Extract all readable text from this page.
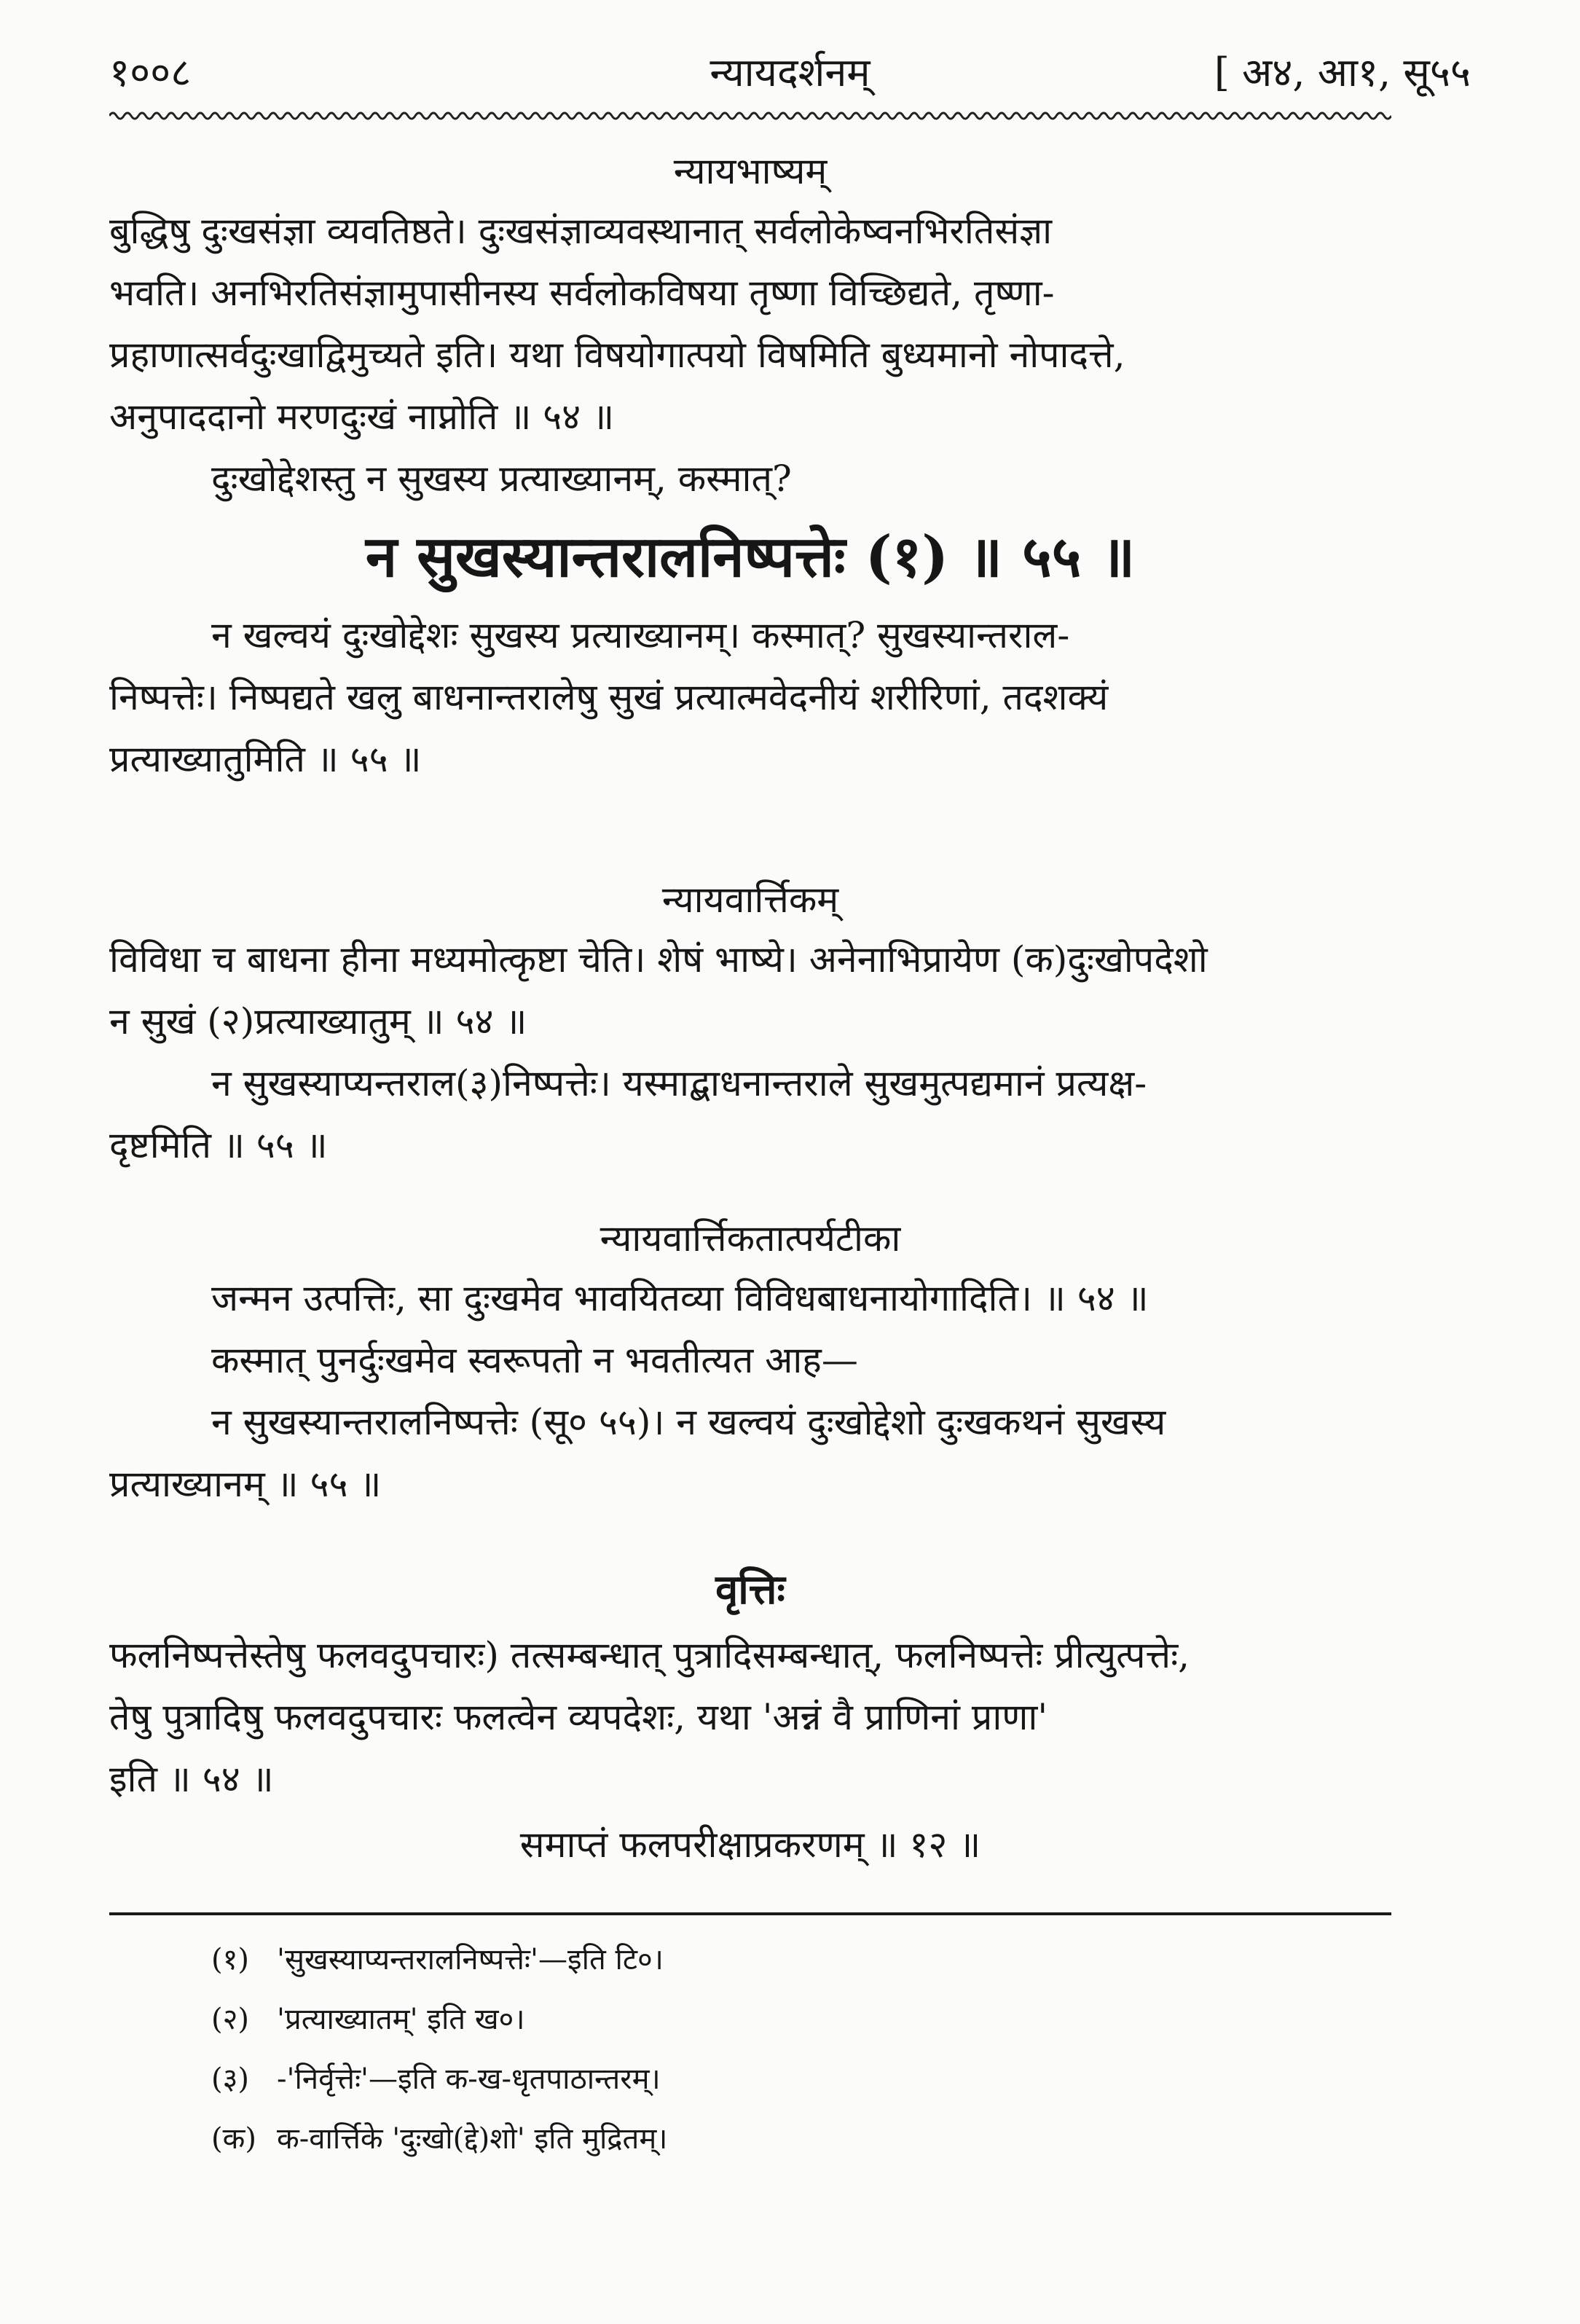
१००८	न्यायदर्शनम्	[ अ४, आ१, सू५५
न्यायभाष्यम्

बुद्धिषु दुःखसंज्ञा व्यवतिष्ठते। दुःखसंज्ञाव्यवस्थानात् सर्वलोकेष्वनभिरतिसंज्ञा

भवति। अनभिरतिसंज्ञामुपासीनस्य सर्वलोकविषया तृष्णा विच्छिद्यते, तृष्णा-

प्रहाणात्सर्वदुःखाद्विमुच्यते इति। यथा विषयोगात्पयो विषमिति बुध्यमानो नोपादत्ते,

अनुपाददानो मरणदुःखं नाप्नोति ॥ ५४ ॥

दुःखोद्देशस्तु न सुखस्य प्रत्याख्यानम्, कस्मात्?

न सुखस्यान्तरालनिष्पत्तेः (१) ॥ ५५ ॥

न खल्वयं दुःखोद्देशः सुखस्य प्रत्याख्यानम्। कस्मात्? सुखस्यान्तराल-

निष्पत्तेः। निष्पद्यते खलु बाधनान्तरालेषु सुखं प्रत्यात्मवेदनीयं शरीरिणां, तदशक्यं

प्रत्याख्यातुमिति ॥ ५५ ॥

न्यायवार्त्तिकम्

विविधा च बाधना हीना मध्यमोत्कृष्टा चेति। शेषं भाष्ये। अनेनाभिप्रायेण (क)दुःखोपदेशो

न सुखं (२)प्रत्याख्यातुम् ॥ ५४ ॥

न सुखस्याप्यन्तराल(३)निष्पत्तेः। यस्माद्बाधनान्तराले सुखमुत्पद्यमानं प्रत्यक्ष-

दृष्टमिति ॥ ५५ ॥

न्यायवार्त्तिकतात्पर्यटीका

जन्मन उत्पत्तिः, सा दुःखमेव भावयितव्या विविधबाधनायोगादिति। ॥ ५४ ॥

कस्मात् पुनर्दुःखमेव स्वरूपतो न भवतीत्यत आह—

न सुखस्यान्तरालनिष्पत्तेः (सू० ५५)। न खल्वयं दुःखोद्देशो दुःखकथनं सुखस्य

प्रत्याख्यानम् ॥ ५५ ॥

वृत्तिः

फलनिष्पत्तेस्तेषु फलवदुपचारः) तत्सम्बन्धात् पुत्रादिसम्बन्धात्, फलनिष्पत्तेः प्रीत्युत्पत्तेः,

तेषु पुत्रादिषु फलवदुपचारः फलत्वेन व्यपदेशः, यथा 'अन्नं वै प्राणिनां प्राणा'

इति ॥ ५४ ॥

समाप्तं फलपरीक्षाप्रकरणम् ॥ १२ ॥
(१) 'सुखस्याप्यन्तरालनिष्पत्तेः'—इति टि०।
(२) 'प्रत्याख्यातम्' इति ख०।
(३) -'निर्वृत्तेः'—इति क-ख-धृतपाठान्तरम्।
(क) क-वार्त्तिके 'दुःखो(द्दे)शो' इति मुद्रितम्।
